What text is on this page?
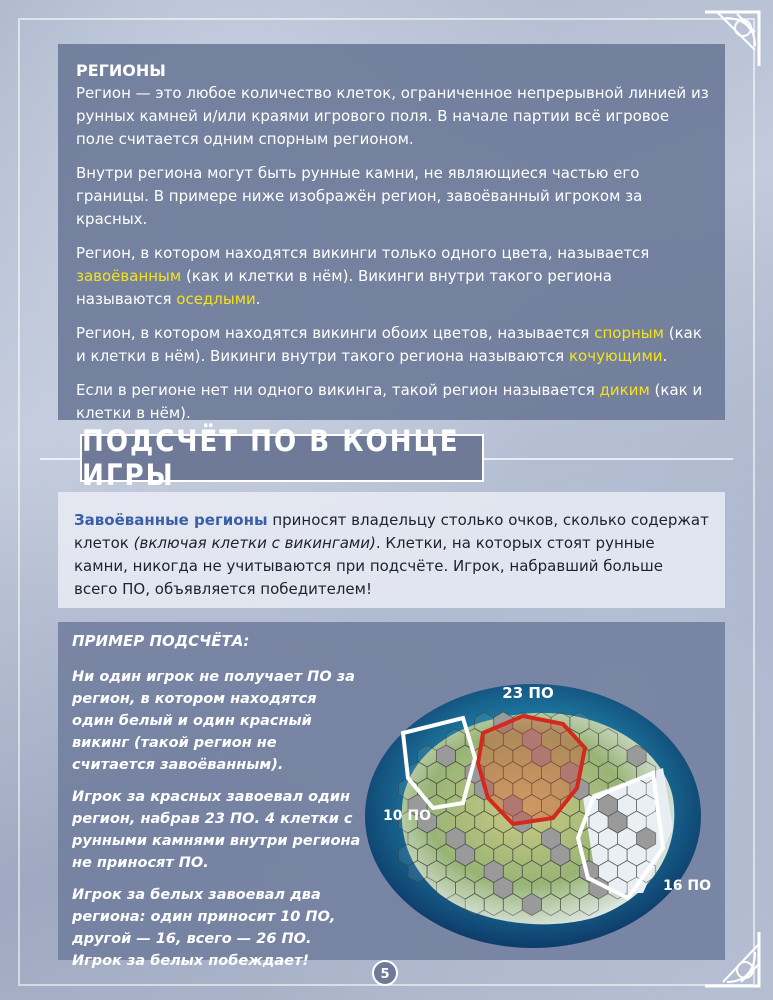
РЕГИОНЫ

Регион — это любое количество клеток, ограниченное непрерывной линией из рунных камней и/или краями игрового поля. В начале партии всё игровое поле считается одним спорным регионом.

Внутри региона могут быть рунные камни, не являющиеся частью его границы. В примере ниже изображён регион, завоёванный игроком за красных.

Регион, в котором находятся викинги только одного цвета, называется завоёванным (как и клетки в нём). Викинги внутри такого региона называются оседлыми.

Регион, в котором находятся викинги обоих цветов, называется спорным (как и клетки в нём). Викинги внутри такого региона называются кочующими.

Если в регионе нет ни одного викинга, такой регион называется диким (как и клетки в нём).

ПОДСЧЁТ ПО В КОНЦЕ ИГРЫ
Завоёванные регионы приносят владельцу столько очков, сколько содержат клеток (включая клетки с викингами). Клетки, на которых стоят рунные камни, никогда не учитываются при подсчёте. Игрок, набравший больше всего ПО, объявляется победителем!
ПРИМЕР ПОДСЧЁТА:

Ни один игрок не получает ПО за регион, в котором находятся один белый и один красный викинг (такой регион не считается завоёванным).

Игрок за красных завоевал один регион, набрав 23 ПО. 4 клетки с рунными камнями внутри региона не приносят ПО.

Игрок за белых завоевал два региона: один приносит 10 ПО, другой — 16, всего — 26 ПО. Игрок за белых побеждает!

23 ПО
10 ПО
16 ПО
5
